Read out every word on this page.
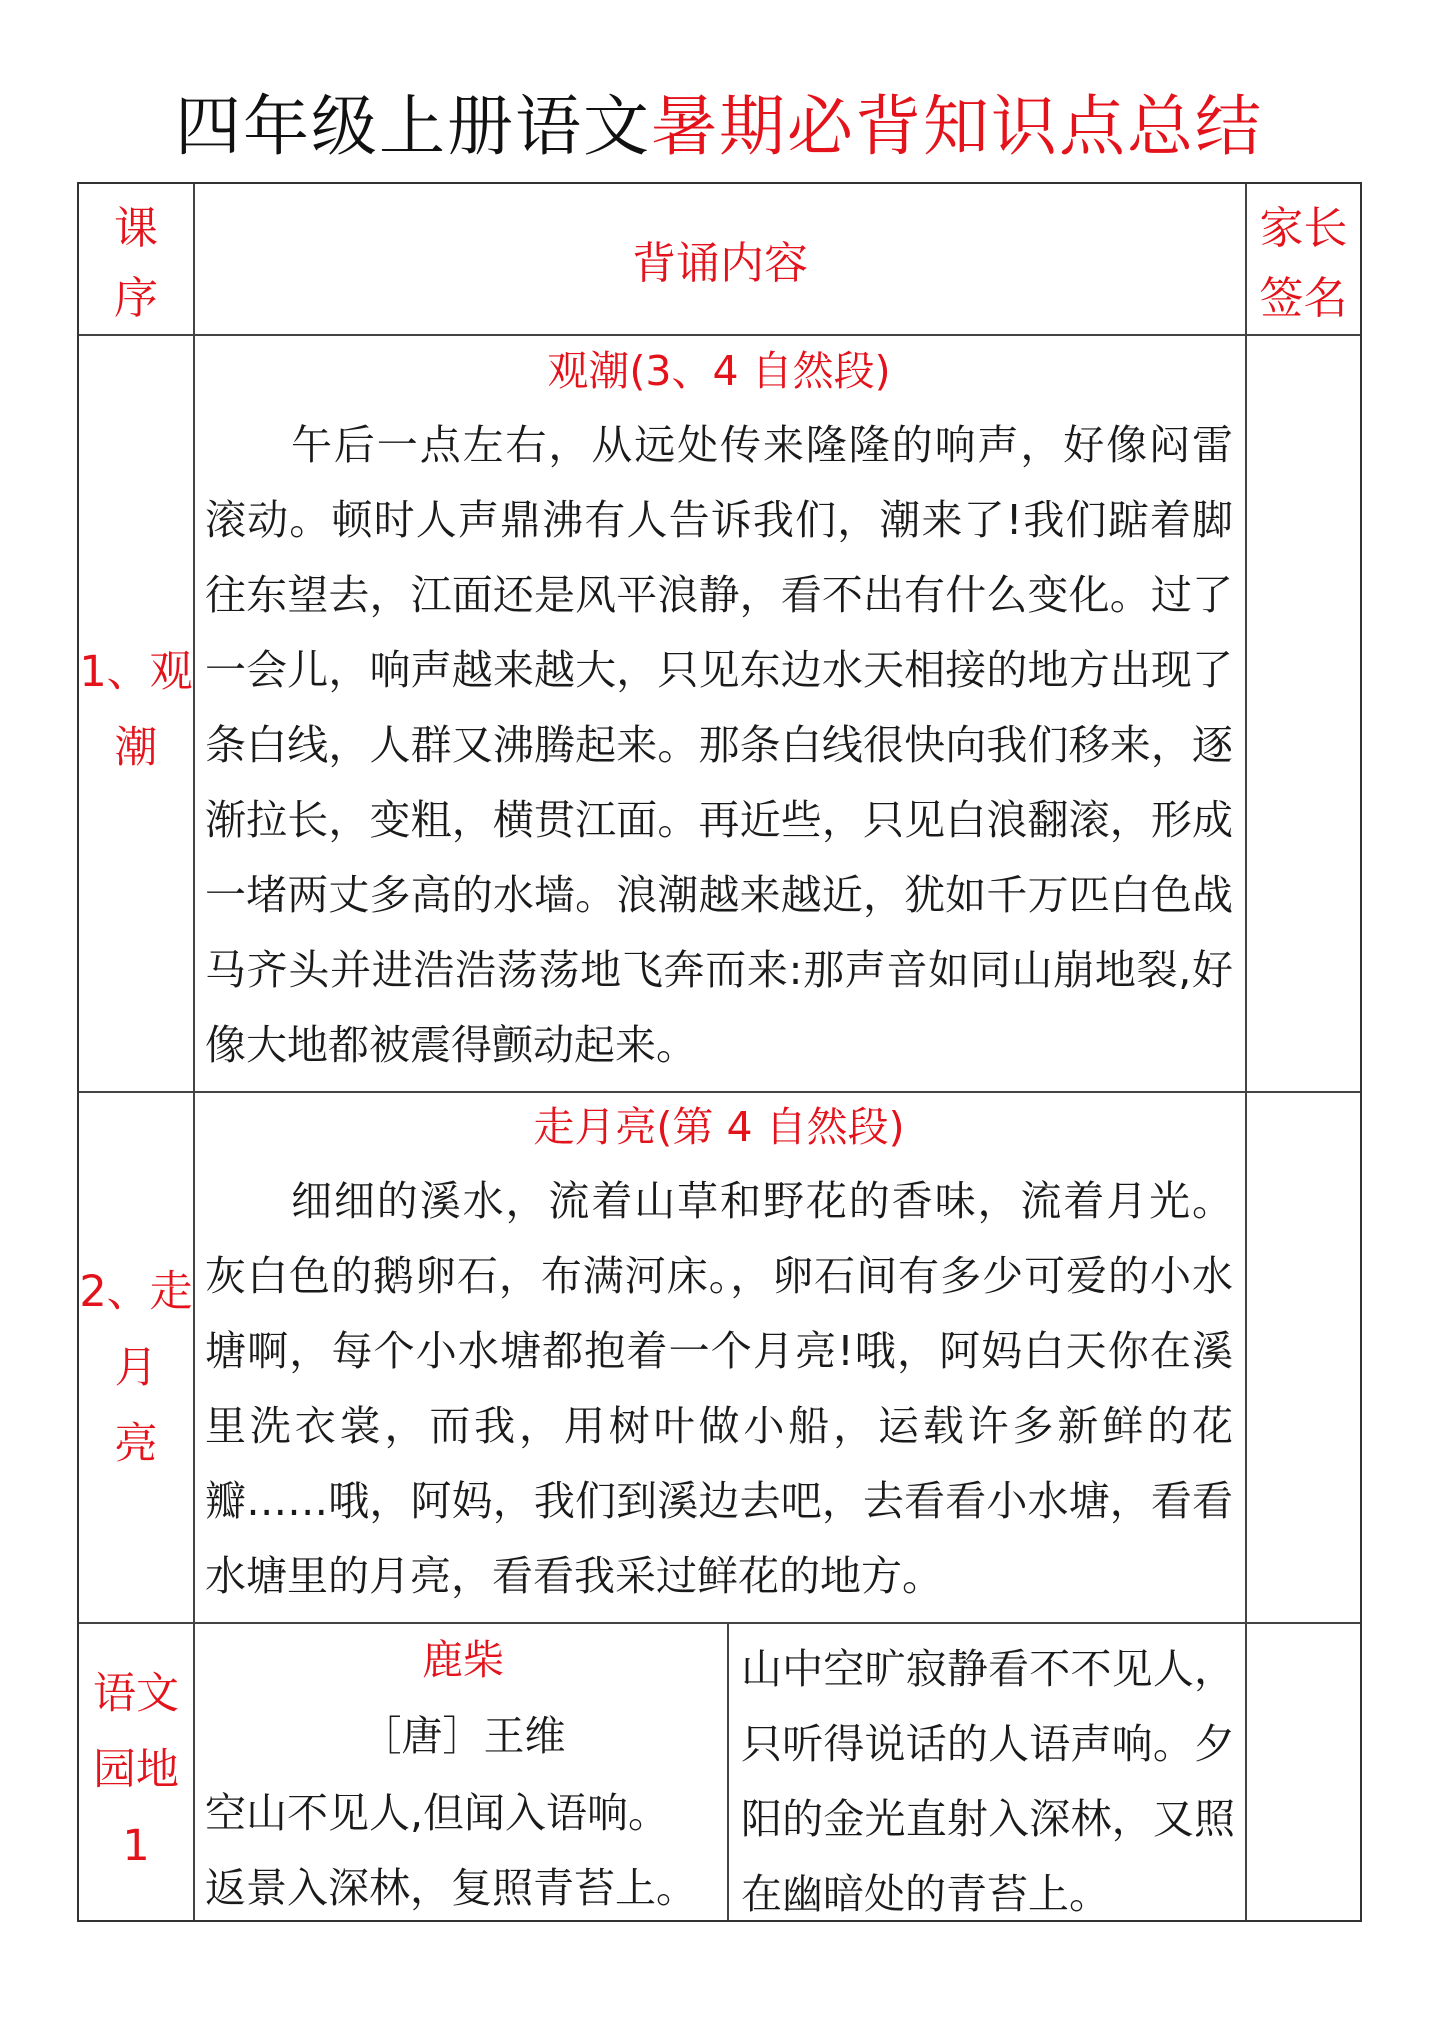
四年级上册语文暑期必背知识点总结
课
序
背诵内容
家长
签名
1、观
潮
观潮(3、4 自然段)
午后一点左右，从远处传来隆隆的响声，好像闷雷滚动。顿时人声鼎沸有人告诉我们，潮来了!我们踮着脚往东望去，江面还是风平浪静，看不出有什么变化。过了一会儿，响声越来越大，只见东边水天相接的地方出现了条白线，人群又沸腾起来。那条白线很快向我们移来，逐渐拉长，变粗，横贯江面。再近些，只见白浪翻滚，形成一堵两丈多高的水墙。浪潮越来越近，犹如千万匹白色战马齐头并进浩浩荡荡地飞奔而来:那声音如同山崩地裂,好像大地都被震得颤动起来。
2、走
月
亮
走月亮(第 4 自然段)
细细的溪水，流着山草和野花的香味，流着月光。灰白色的鹅卵石，布满河床。，卵石间有多少可爱的小水塘啊，每个小水塘都抱着一个月亮!哦，阿妈白天你在溪里洗衣裳，而我，用树叶做小船，运载许多新鲜的花瓣……哦，阿妈，我们到溪边去吧，去看看小水塘，看看水塘里的月亮，看看我采过鲜花的地方。
语文
园地
1
鹿柴
［唐］王维
空山不见人,但闻入语响。
返景入深林，复照青苔上。
山中空旷寂静看不不见人，只听得说话的人语声响。夕阳的金光直射入深林，又照在幽暗处的青苔上。
